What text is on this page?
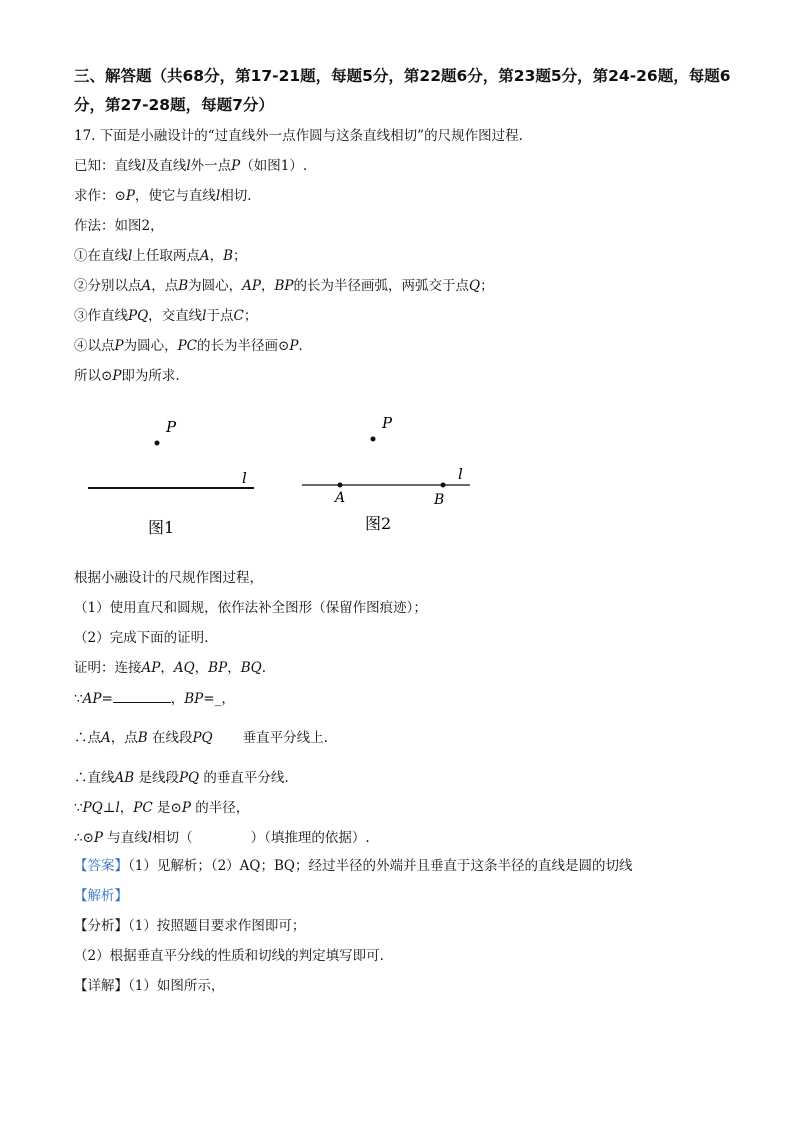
三、解答题（共68分，第17-21题，每题5分，第22题6分，第23题5分，第24-26题，每题6分，第27-28题，每题7分）
17. 下面是小融设计的“过直线外一点作圆与这条直线相切”的尺规作图过程.
已知：直线l及直线l外一点P（如图1）.
求作：⊙P，使它与直线l相切.
作法：如图2，
①在直线l上任取两点A，B；
②分别以点A，点B为圆心，AP，BP的长为半径画弧，两弧交于点Q；
③作直线PQ，交直线l于点C；
④以点P为圆心，PC的长为半径画⊙P.
所以⊙P即为所求.
P
l
图1
P
l
A	B
图2
根据小融设计的尺规作图过程，
（1）使用直尺和圆规，依作法补全图形（保留作图痕迹）；
（2）完成下面的证明.
证明：连接AP，AQ，BP，BQ.
∵AP=	，BP=_，
∴点A，点B 在线段PQ 垂直平分线上.
∴直线AB 是线段PQ 的垂直平分线.
∵PQ⊥l，PC 是⊙P 的半径，
∴⊙P 与直线l相切（	）（填推理的依据）.
【答案】（1）见解析；（2）AQ；BQ；经过半径的外端并且垂直于这条半径的直线是圆的切线
【解析】
【分析】（1）按照题目要求作图即可；
（2）根据垂直平分线的性质和切线的判定填写即可.
【详解】（1）如图所示，
